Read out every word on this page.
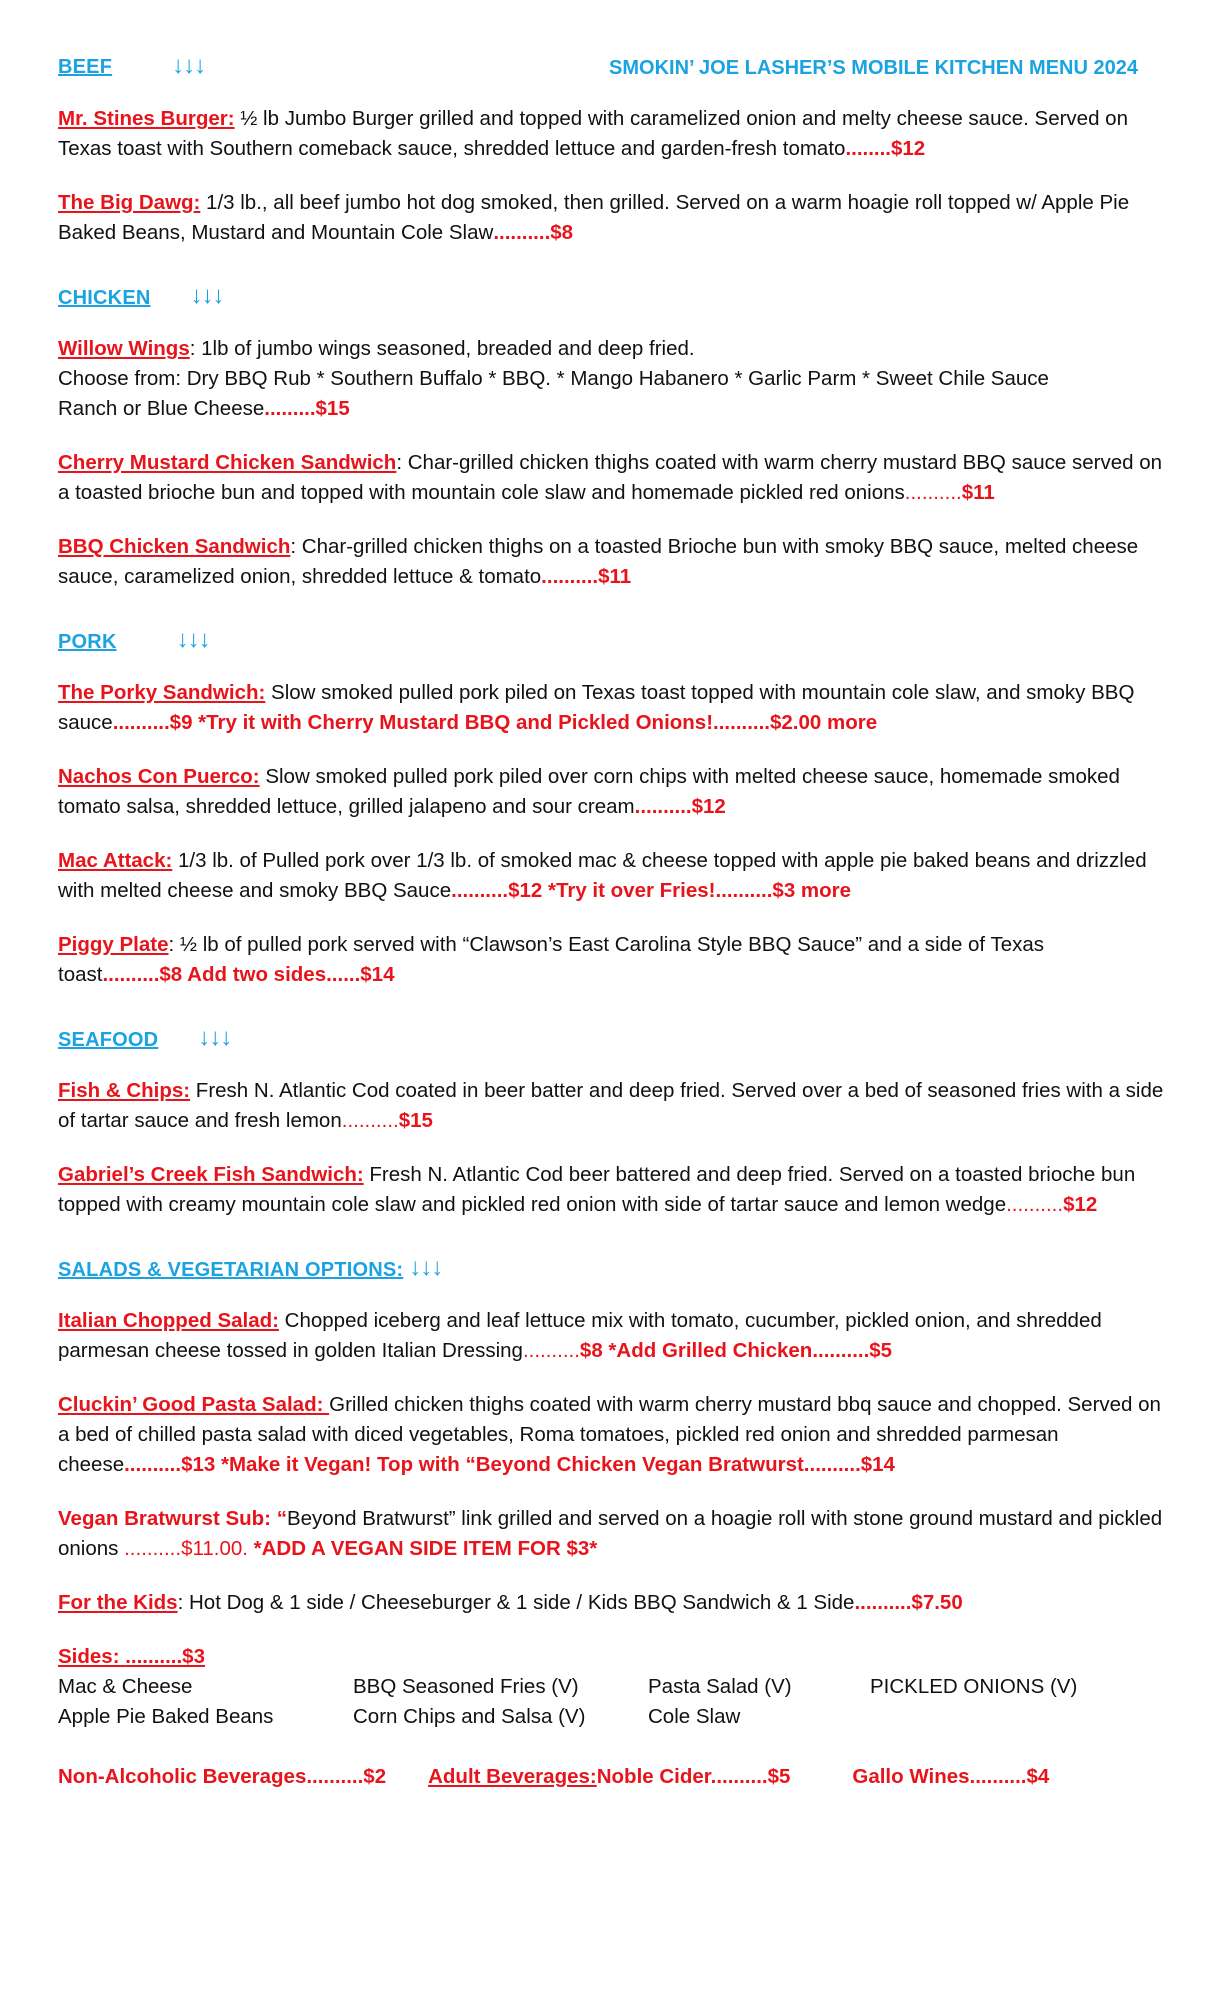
BEEF	↓↓↓	SMOKIN’ JOE LASHER’S MOBILE KITCHEN MENU 2024
Mr. Stines Burger: ½ lb Jumbo Burger grilled and topped with caramelized onion and melty cheese sauce. Served on Texas toast with Southern comeback sauce, shredded lettuce and garden-fresh tomato........$12
The Big Dawg: 1/3 lb., all beef jumbo hot dog smoked, then grilled. Served on a warm hoagie roll topped w/ Apple Pie Baked Beans, Mustard and Mountain Cole Slaw..........$8
CHICKEN ↓↓↓
Willow Wings: 1lb of jumbo wings seasoned, breaded and deep fried.
Choose from: Dry BBQ Rub * Southern Buffalo * BBQ. * Mango Habanero * Garlic Parm * Sweet Chile Sauce
Ranch or Blue Cheese.........$15
Cherry Mustard Chicken Sandwich: Char-grilled chicken thighs coated with warm cherry mustard BBQ sauce served on a toasted brioche bun and topped with mountain cole slaw and homemade pickled red onions..........$11
BBQ Chicken Sandwich: Char-grilled chicken thighs on a toasted Brioche bun with smoky BBQ sauce, melted cheese sauce, caramelized onion, shredded lettuce & tomato..........$11
PORK	↓↓↓
The Porky Sandwich: Slow smoked pulled pork piled on Texas toast topped with mountain cole slaw, and smoky BBQ sauce..........$9 *Try it with Cherry Mustard BBQ and Pickled Onions!..........$2.00 more
Nachos Con Puerco: Slow smoked pulled pork piled over corn chips with melted cheese sauce, homemade smoked tomato salsa, shredded lettuce, grilled jalapeno and sour cream..........$12
Mac Attack: 1/3 lb. of Pulled pork over 1/3 lb. of smoked mac & cheese topped with apple pie baked beans and drizzled with melted cheese and smoky BBQ Sauce..........$12 *Try it over Fries!..........$3 more
Piggy Plate: ½ lb of pulled pork served with “Clawson’s East Carolina Style BBQ Sauce” and a side of Texas toast..........$8 Add two sides......$14
SEAFOOD ↓↓↓
Fish & Chips: Fresh N. Atlantic Cod coated in beer batter and deep fried. Served over a bed of seasoned fries with a side of tartar sauce and fresh lemon..........$15
Gabriel’s Creek Fish Sandwich: Fresh N. Atlantic Cod beer battered and deep fried. Served on a toasted brioche bun topped with creamy mountain cole slaw and pickled red onion with side of tartar sauce and lemon wedge..........$12
SALADS & VEGETARIAN OPTIONS: ↓↓↓
Italian Chopped Salad: Chopped iceberg and leaf lettuce mix with tomato, cucumber, pickled onion, and shredded parmesan cheese tossed in golden Italian Dressing..........$8 *Add Grilled Chicken..........$5
Cluckin’ Good Pasta Salad: Grilled chicken thighs coated with warm cherry mustard bbq sauce and chopped. Served on a bed of chilled pasta salad with diced vegetables, Roma tomatoes, pickled red onion and shredded parmesan cheese..........$13 *Make it Vegan! Top with “Beyond Chicken Vegan Bratwurst..........$14
Vegan Bratwurst Sub: “Beyond Bratwurst” link grilled and served on a hoagie roll with stone ground mustard and pickled onions ..........$11.00. *ADD A VEGAN SIDE ITEM FOR $3*
For the Kids: Hot Dog & 1 side / Cheeseburger & 1 side / Kids BBQ Sandwich & 1 Side..........$7.50
Sides: ..........$3
Mac & Cheese	BBQ Seasoned Fries (V)	Pasta Salad (V)	PICKLED ONIONS (V)
Apple Pie Baked Beans	Corn Chips and Salsa (V)	Cole Slaw
Non-Alcoholic Beverages..........$2 Adult Beverages: Noble Cider..........$5	Gallo Wines..........$4
